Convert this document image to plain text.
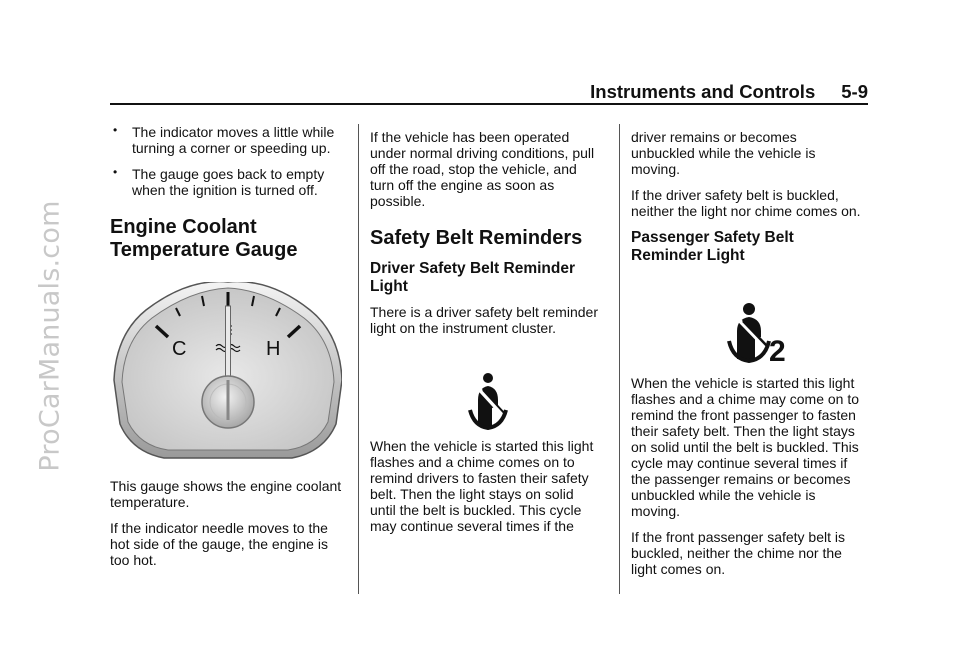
ProCarManuals.com
Instruments and Controls 5-9
• The indicator moves a little while turning a corner or speeding up.
• The gauge goes back to empty when the ignition is turned off.
Engine Coolant Temperature Gauge
C	H

This gauge shows the engine coolant temperature.

If the indicator needle moves to the hot side of the gauge, the engine is too hot.

If the vehicle has been operated under normal driving conditions, pull off the road, stop the vehicle, and turn off the engine as soon as possible.

Safety Belt Reminders
Driver Safety Belt Reminder Light

There is a driver safety belt reminder light on the instrument cluster.

When the vehicle is started this light flashes and a chime comes on to remind drivers to fasten their safety belt. Then the light stays on solid until the belt is buckled. This cycle may continue several times if the

driver remains or becomes unbuckled while the vehicle is moving.

If the driver safety belt is buckled, neither the light nor chime comes on.

Passenger Safety Belt Reminder Light
2

When the vehicle is started this light flashes and a chime may come on to remind the front passenger to fasten their safety belt. Then the light stays on solid until the belt is buckled. This cycle may continue several times if the passenger remains or becomes unbuckled while the vehicle is moving.

If the front passenger safety belt is buckled, neither the chime nor the light comes on.
